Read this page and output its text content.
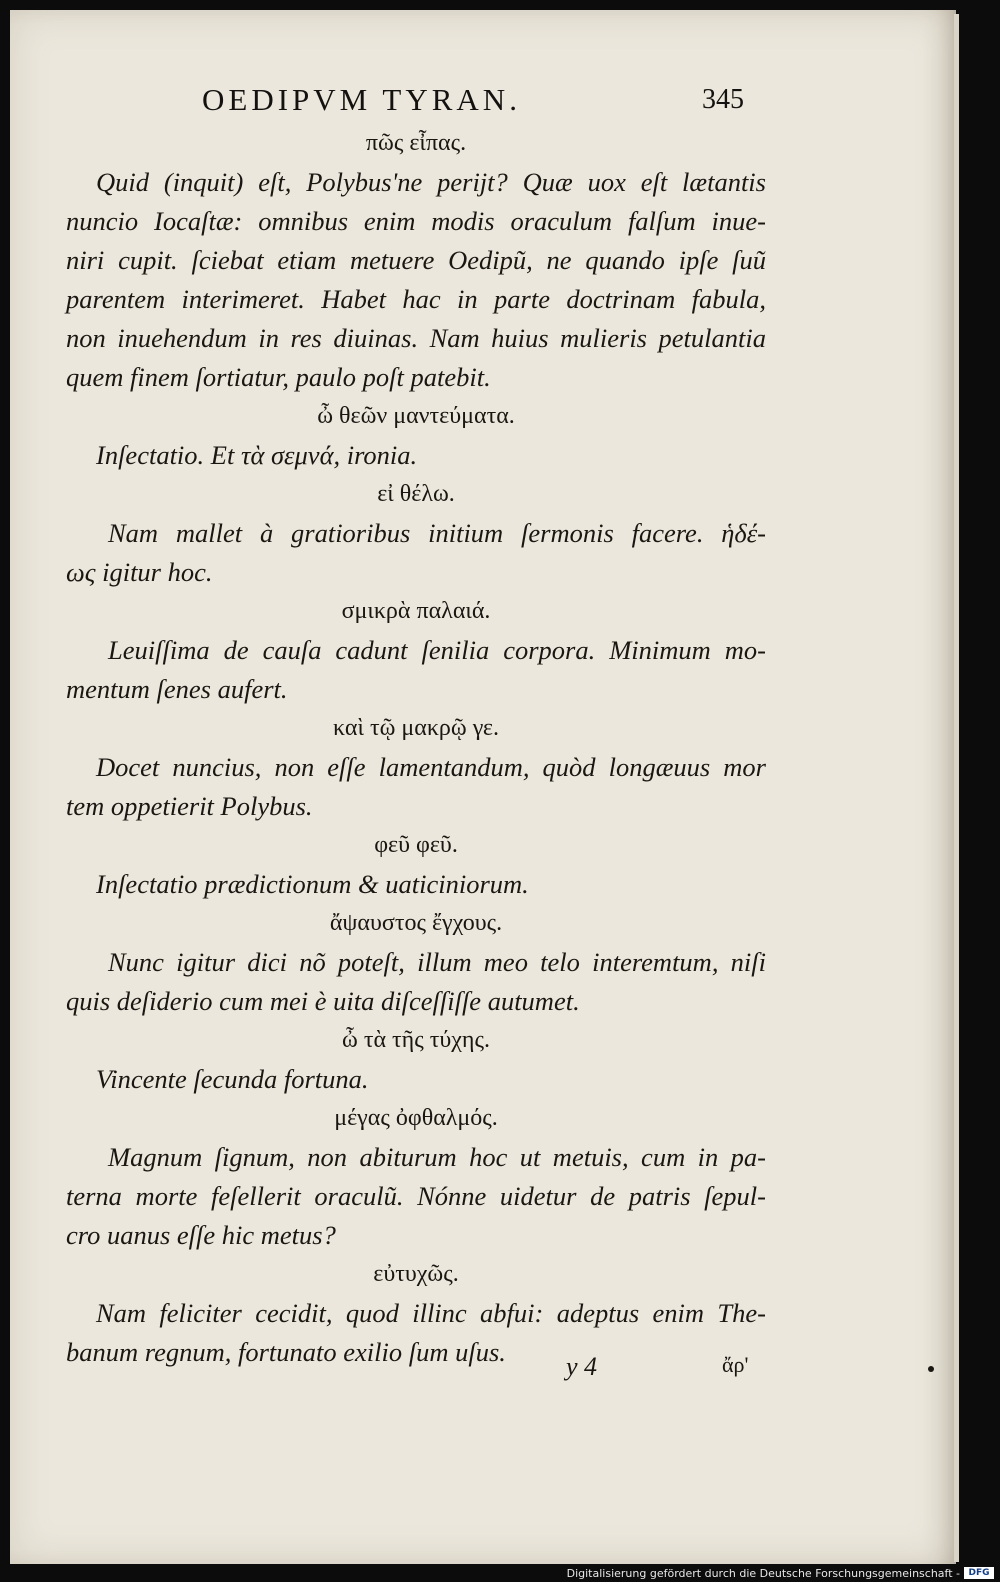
OEDIPVM TYRAN.	345
πῶς εἶπας.
Quid (inquit) eſt, Polybus'ne perijt? Quæ uox eſt lætantis
nuncio Iocaſtæ: omnibus enim modis oraculum falſum inue-
niri cupit. ſciebat etiam metuere Oedipũ, ne quando ipſe ſuũ
parentem interimeret. Habet hac in parte doctrinam fabula,
non inuehendum in res diuinas. Nam huius mulieris petulantia
quem finem ſortiatur, paulo poſt patebit.
ὦ θεῶν μαντεύματα.
Inſectatio. Et τὰ σεμνά, ironia.
εἰ θέλω.
Nam mallet à gratioribus initium ſermonis facere. ἡδέ-
ως igitur hoc.
σμικρὰ παλαιά.
Leuiſſima de cauſa cadunt ſenilia corpora. Minimum mo-
mentum ſenes aufert.
καὶ τῷ μακρῷ γε.
Docet nuncius, non eſſe lamentandum, quòd longæuus mor
tem oppetierit Polybus.
φεῦ φεῦ.
Inſectatio prædictionum & uaticiniorum.
ἄψαυστος ἔγχους.
Nunc igitur dici nõ poteſt, illum meo telo interemtum, niſi
quis deſiderio cum mei è uita diſceſſiſſe autumet.
ὦ τὰ τῆς τύχης.
Vincente ſecunda fortuna.
μέγας ὀφθαλμός.
Magnum ſignum, non abiturum hoc ut metuis, cum in pa-
terna morte feſellerit oraculũ. Nónne uidetur de patris ſepul-
cro uanus eſſe hic metus?
εὐτυχῶς.
Nam feliciter cecidit, quod illinc abfui: adeptus enim The-
banum regnum, fortunato exilio ſum uſus.	y 4	ἄρ'
Digitalisierung gefördert durch die Deutsche Forschungsgemeinschaft - DFG
